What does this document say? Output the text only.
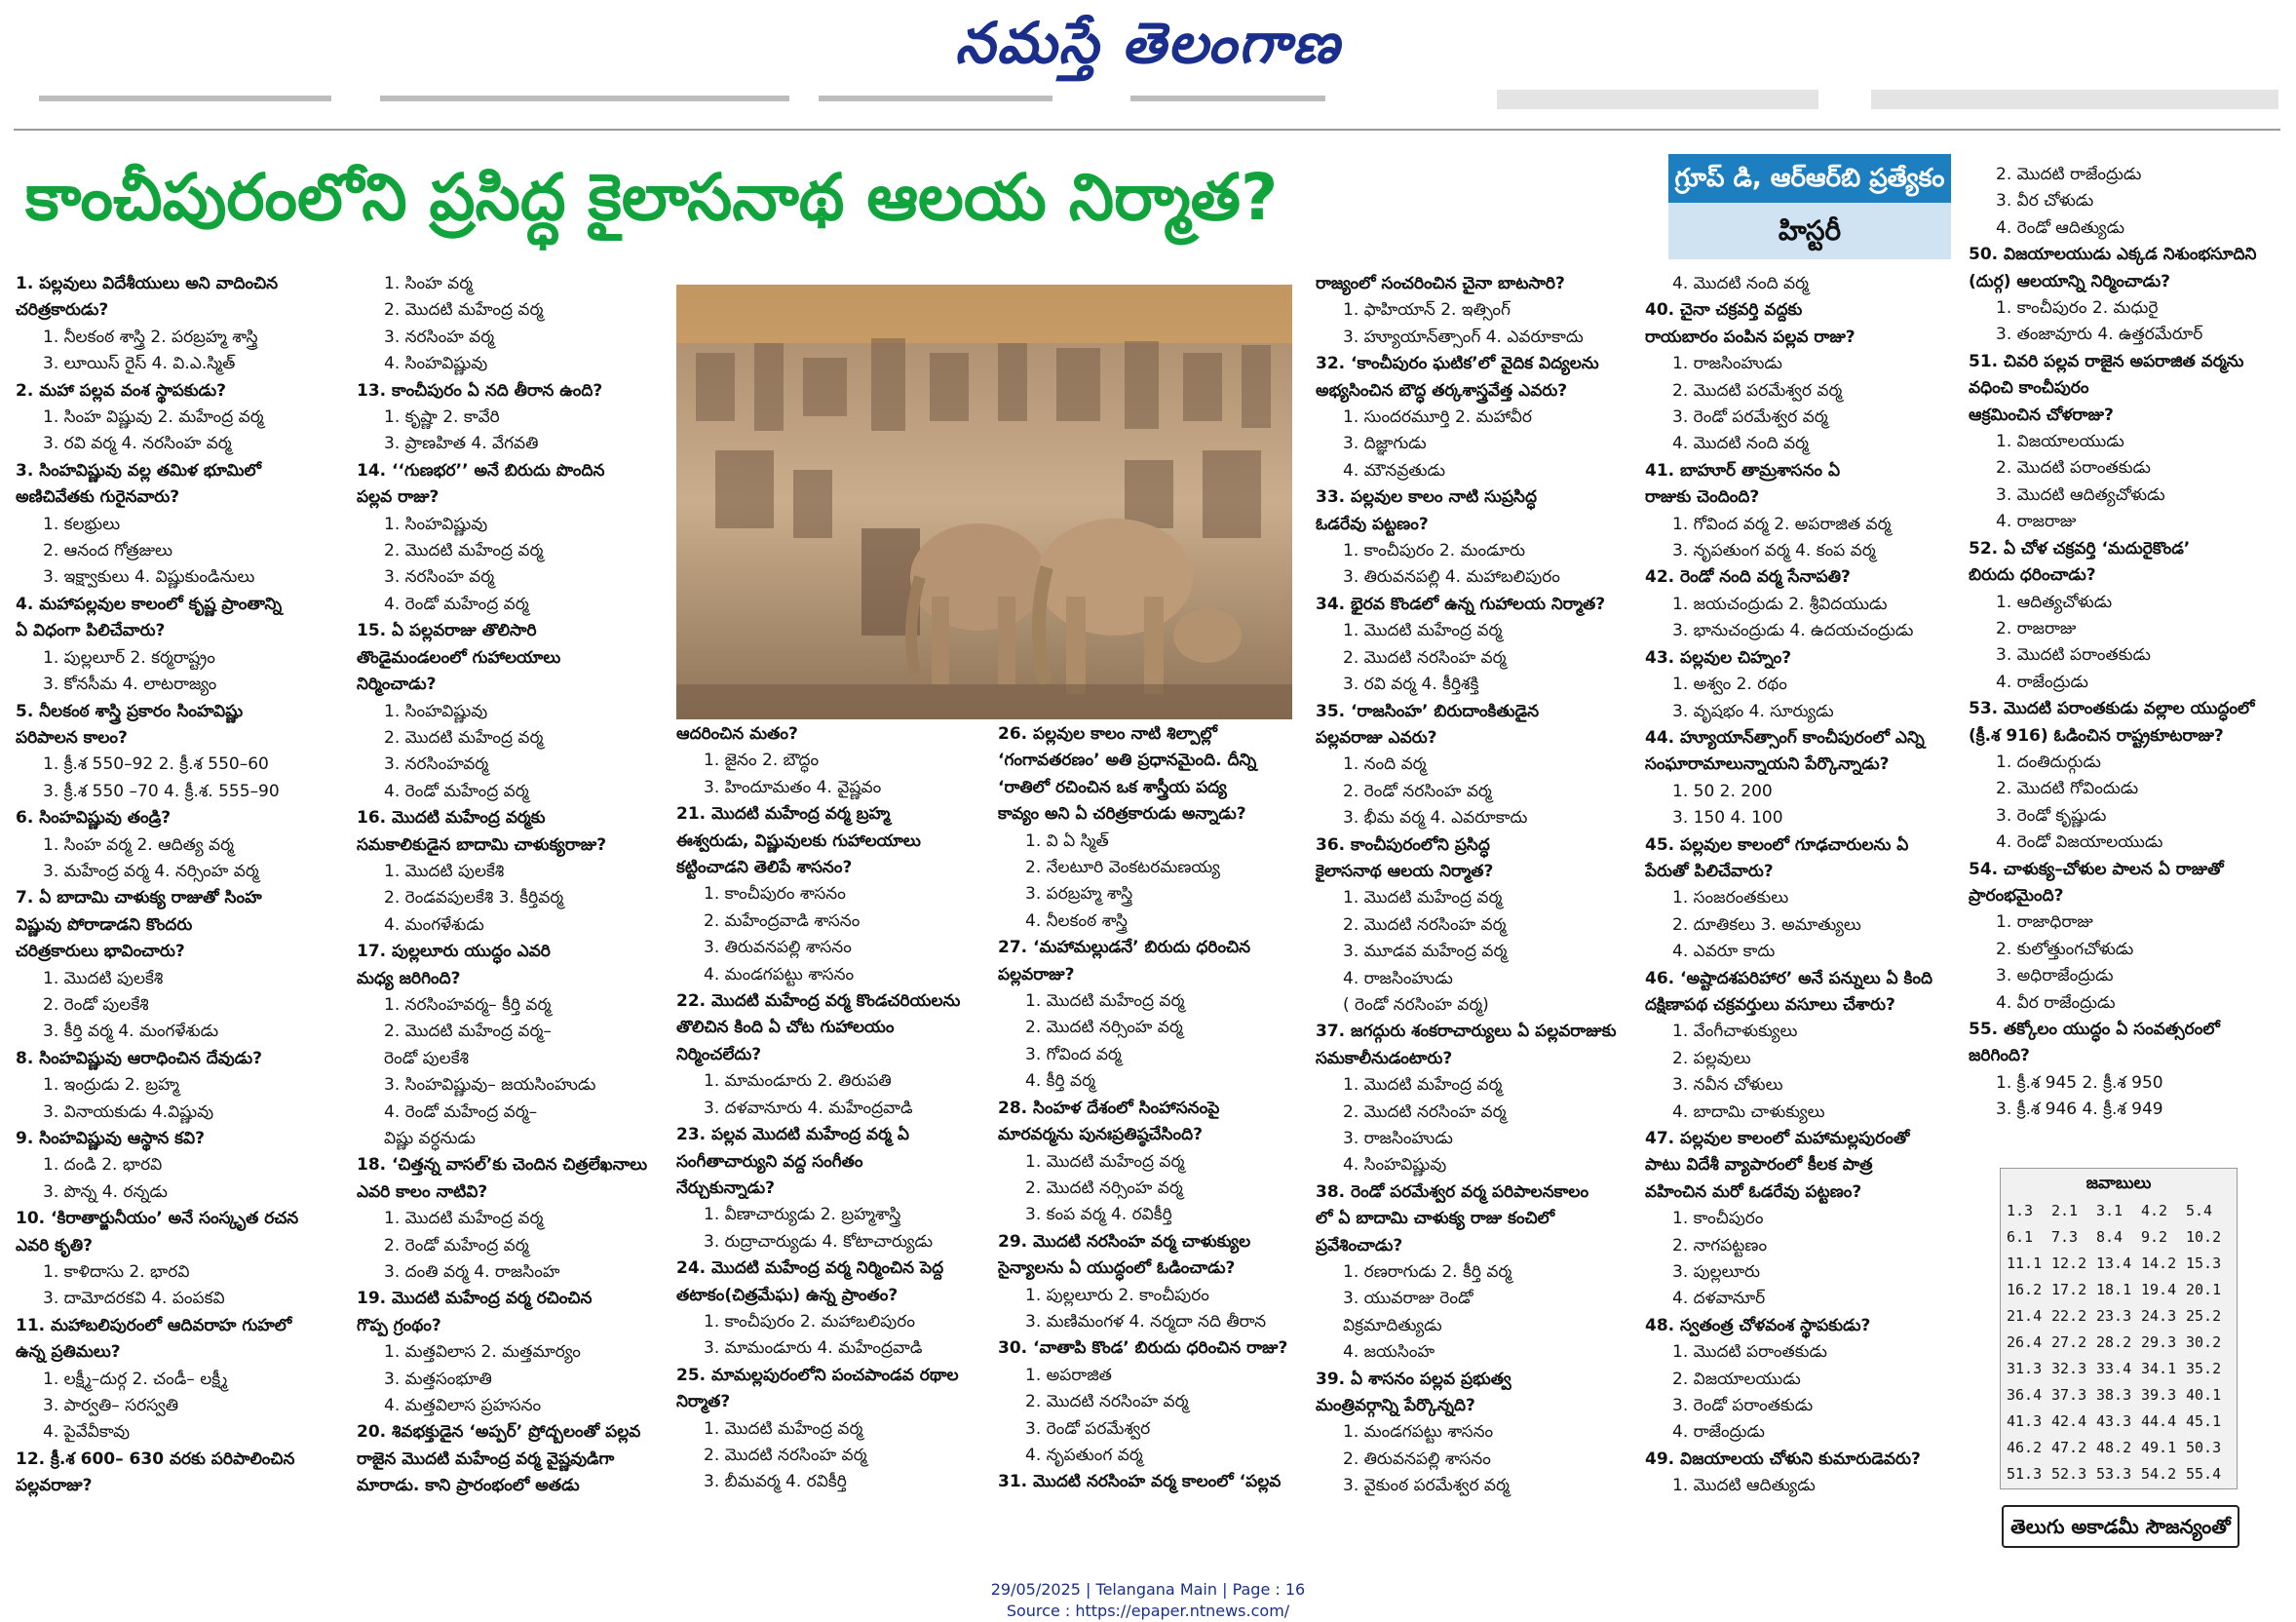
నమస్తే తెలంగాణ
కాంచీపురంలోని ప్రసిద్ధ కైలాసనాథ ఆలయ నిర్మాత?	గ్రూప్‌ డి, ఆర్‌ఆర్‌బి ప్రత్యేకం
హిస్టరీ
1. పల్లవులు విదేశీయులు అని వాదించిన
చరిత్రకారుడు?
1. నీలకంఠ శాస్త్రి 2. పరబ్రహ్మ శాస్త్రి
3. లూయిస్‌ రైస్‌ 4. వి.ఎ.స్మిత్‌
2. మహా పల్లవ వంశ స్థాపకుడు?
1. సింహ విష్ణువు 2. మహేంద్ర వర్మ
3. రవి వర్మ 4. నరసింహ వర్మ
3. సింహవిష్ణువు వల్ల తమిళ భూమిలో
అణిచివేతకు గురైనవారు?
1. కలభ్రులు
2. ఆనంద గోత్రజులు
3. ఇక్ష్వాకులు 4. విష్ణుకుండినులు
4. మహాపల్లవుల కాలంలో కృష్ణ ప్రాంతాన్ని
ఏ విధంగా పిలిచేవారు?
1. పుల్లలూర్‌ 2. కర్మరాష్ట్రం
3. కోనసీమ 4. లాటరాజ్యం
5. నీలకంఠ శాస్త్రి ప్రకారం సింహవిష్ణు
పరిపాలన కాలం?
1. క్రీ.శ 550–92 2. క్రీ.శ 550–60
3. క్రీ.శ 550 –70 4. క్రీ.శ. 555–90
6. సింహవిష్ణువు తండ్రి?
1. సింహ వర్మ 2. ఆదిత్య వర్మ
3. మహేంద్ర వర్మ 4. నర్సింహ వర్మ
7. ఏ బాదామి చాళుక్య రాజుతో సింహ
విష్ణువు పోరాడాడని కొందరు
చరిత్రకారులు భావించారు?
1. మొదటి పులకేశి
2. రెండో పులకేశి
3. కీర్తి వర్మ 4. మంగళేశుడు
8. సింహవిష్ణువు ఆరాధించిన దేవుడు?
1. ఇంద్రుడు 2. బ్రహ్మ
3. వినాయకుడు 4.విష్ణువు
9. సింహవిష్ణువు ఆస్థాన కవి?
1. దండి 2. భారవి
3. పొన్న 4. రన్నడు
10. ‘కిరాతార్జునీయం’ అనే సంస్కృత రచన
ఎవరి కృతి?
1. కాళిదాసు 2. భారవి
3. దామోదరకవి 4. పంపకవి
11. మహాబలిపురంలో ఆదివరాహ గుహలో
ఉన్న ప్రతిమలు?
1. లక్ష్మీ–దుర్గ 2. చండీ– లక్ష్మీ
3. పార్వతి– సరస్వతి
4. పైవేవీకావు
12. క్రీ.శ 600– 630 వరకు పరిపాలించిన
పల్లవరాజు?
1. సింహ వర్మ
2. మొదటి మహేంద్ర వర్మ
3. నరసింహ వర్మ
4. సింహవిష్ణువు
13. కాంచీపురం ఏ నది తీరాన ఉంది?
1. కృష్ణా 2. కావేరి
3. ప్రాణహిత 4. వేగవతి
14. ‘‘గుణభర’’ అనే బిరుదు పొందిన
పల్లవ రాజు?
1. సింహవిష్ణువు
2. మొదటి మహేంద్ర వర్మ
3. నరసింహ వర్మ
4. రెండో మహేంద్ర వర్మ
15. ఏ పల్లవరాజు తొలిసారి
తొండైమండలంలో గుహాలయాలు
నిర్మించాడు?
1. సింహవిష్ణువు
2. మొదటి మహేంద్ర వర్మ
3. నరసింహవర్మ
4. రెండో మహేంద్ర వర్మ
16. మొదటి మహేంద్ర వర్మకు
సమకాలికుడైన బాదామి చాళుక్యరాజు?
1. మొదటి పులకేశి
2. రెండవపులకేశి 3. కీర్తివర్మ
4. మంగళేశుడు
17. పుల్లలూరు యుద్ధం ఎవరి
మధ్య జరిగింది?
1. నరసింహవర్మ– కీర్తి వర్మ
2. మొదటి మహేంద్ర వర్మ–
రెండో పులకేశి
3. సింహవిష్ణువు– జయసింహుడు
4. రెండో మహేంద్ర వర్మ–
విష్ణు వర్ధనుడు
18. ‘చిత్తన్న వాసల్‌’కు చెందిన చిత్రలేఖనాలు
ఎవరి కాలం నాటివి?
1. మొదటి మహేంద్ర వర్మ
2. రెండో మహేంద్ర వర్మ
3. దంతి వర్మ 4. రాజసింహ
19. మొదటి మహేంద్ర వర్మ రచించిన
గొప్ప గ్రంథం?
1. మత్తవిలాస 2. మత్తమార్యం
3. మత్తసంభూతి
4. మత్తవిలాస ప్రహసనం
20. శివభక్తుడైన ‘అప్పర్‌’ ప్రోద్బలంతో పల్లవ
రాజైన మొదటి మహేంద్ర వర్మ వైష్ణవుడిగా
మారాడు. కాని ప్రారంభంలో అతడు
ఆదరించిన మతం?
1. జైనం 2. బౌద్ధం
3. హిందూమతం 4. వైష్ణవం
21. మొదటి మహేంద్ర వర్మ బ్రహ్మ
ఈశ్వరుడు, విష్ణువులకు గుహాలయాలు
కట్టించాడని తెలిపే శాసనం?
1. కాంచీపురం శాసనం
2. మహేంద్రవాడి శాసనం
3. తిరువనపల్లి శాసనం
4. మండగపట్టు శాసనం
22. మొదటి మహేంద్ర వర్మ కొండచరియలను
తొలిచిన కింది ఏ చోట గుహాలయం
నిర్మించలేదు?
1. మామండూరు 2. తిరుపతి
3. దళవానూరు 4. మహేంద్రవాడి
23. పల్లవ మొదటి మహేంద్ర వర్మ ఏ
సంగీతాచార్యుని వద్ద సంగీతం
నేర్చుకున్నాడు?
1. వీణాచార్యుడు 2. బ్రహ్మశాస్త్రి
3. రుద్రాచార్యుడు 4. కోటాచార్యుడు
24. మొదటి మహేంద్ర వర్మ నిర్మించిన పెద్ద
తటాకం(చిత్రమేఘ) ఉన్న ప్రాంతం?
1. కాంచీపురం 2. మహాబలిపురం
3. మామండూరు 4. మహేంద్రవాడి
25. మామల్లపురంలోని పంచపాండవ రథాల
నిర్మాత?
1. మొదటి మహేంద్ర వర్మ
2. మొదటి నరసింహ వర్మ
3. బీమవర్మ 4. రవికీర్తి
26. పల్లవుల కాలం నాటి శిల్పాల్లో
‘గంగావతరణం’ అతి ప్రధానమైంది. దీన్ని
‘రాతిలో రచించిన ఒక శాస్త్రీయ పద్య
కావ్యం అని ఏ చరిత్రకారుడు అన్నాడు?
1. వి ఏ స్మిత్‌
2. నేలటూరి వెంకటరమణయ్య
3. పరబ్రహ్మ శాస్త్రి
4. నీలకంఠ శాస్త్రి
27. ‘మహామల్లుడనే’ బిరుదు ధరించిన
పల్లవరాజు?
1. మొదటి మహేంద్ర వర్మ
2. మొదటి నర్సింహ వర్మ
3. గోవింద వర్మ
4. కీర్తి వర్మ
28. సింహళ దేశంలో సింహాసనంపై
మారవర్మను పునఃప్రతిష్ఠచేసింది?
1. మొదటి మహేంద్ర వర్మ
2. మొదటి నర్సింహ వర్మ
3. కంప వర్మ 4. రవికీర్తి
29. మొదటి నరసింహ వర్మ చాళుక్యుల
సైన్యాలను ఏ యుద్ధంలో ఓడించాడు?
1. పుల్లలూరు 2. కాంచీపురం
3. మణిమంగళ 4. నర్మదా నది తీరాన
30. ‘వాతాపి కొండ’ బిరుదు ధరించిన రాజు?
1. అపరాజిత
2. మొదటి నరసింహ వర్మ
3. రెండో పరమేశ్వర
4. నృపతుంగ వర్మ
31. మొదటి నరసింహ వర్మ కాలంలో ‘పల్లవ
రాజ్యంలో సంచరించిన చైనా బాటసారి?
1. ఫాహియాన్‌ 2. ఇత్సింగ్‌
3. హ్యూయాన్‌త్సాంగ్‌ 4. ఎవరూకాదు
32. ‘కాంచీపురం ఘటిక’లో వైదిక విద్యలను
అభ్యసించిన బౌద్ధ తర్కశాస్త్రవేత్త ఎవరు?
1. సుందరమూర్తి 2. మహావీర
3. దిజ్ఞాగుడు
4. మౌనవ్రతుడు
33. పల్లవుల కాలం నాటి సుప్రసిద్ధ
ఓడరేవు పట్టణం?
1. కాంచీపురం 2. మండూరు
3. తిరువనపల్లి 4. మహాబలిపురం
34. భైరవ కొండలో ఉన్న గుహాలయ నిర్మాత?
1. మొదటి మహేంద్ర వర్మ
2. మొదటి నరసింహ వర్మ
3. రవి వర్మ 4. కీర్తిశక్తి
35. ‘రాజసింహ’ బిరుదాంకితుడైన
పల్లవరాజు ఎవరు?
1. నంది వర్మ
2. రెండో నరసింహ వర్మ
3. భీమ వర్మ 4. ఎవరూకాదు
36. కాంచీపురంలోని ప్రసిద్ధ
కైలాసనాథ ఆలయ నిర్మాత?
1. మొదటి మహేంద్ర వర్మ
2. మొదటి నరసింహ వర్మ
3. మూడవ మహేంద్ర వర్మ
4. రాజసింహుడు
( రెండో నరసింహ వర్మ)
37. జగద్గురు శంకరాచార్యులు ఏ పల్లవరాజుకు
సమకాలీనుడంటారు?
1. మొదటి మహేంద్ర వర్మ
2. మొదటి నరసింహ వర్మ
3. రాజసింహుడు
4. సింహవిష్ణువు
38. రెండో పరమేశ్వర వర్మ పరిపాలనకాలం
లో ఏ బాదామి చాళుక్య రాజు కంచిలో
ప్రవేశించాడు?
1. రణరాగుడు 2. కీర్తి వర్మ
3. యువరాజు రెండో
విక్రమాదిత్యుడు
4. జయసింహ
39. ఏ శాసనం పల్లవ ప్రభుత్వ
మంత్రివర్గాన్ని పేర్కొన్నది?
1. మండగపట్టు శాసనం
2. తిరువనపల్లి శాసనం
3. వైకుంఠ పరమేశ్వర వర్మ
4. మొదటి నంది వర్మ
40. చైనా చక్రవర్తి వద్దకు
రాయబారం పంపిన పల్లవ రాజు?
1. రాజసింహుడు
2. మొదటి పరమేశ్వర వర్మ
3. రెండో పరమేశ్వర వర్మ
4. మొదటి నంది వర్మ
41. బాహూర్‌ తామ్రశాసనం ఏ
రాజుకు చెందింది?
1. గోవింద వర్మ 2. అపరాజిత వర్మ
3. నృపతుంగ వర్మ 4. కంప వర్మ
42. రెండో నంది వర్మ సేనాపతి?
1. జయచంద్రుడు 2. శ్రీవిదయుడు
3. భానుచంద్రుడు 4. ఉదయచంద్రుడు
43. పల్లవుల చిహ్నం?
1. అశ్వం 2. రథం
3. వృషభం 4. సూర్యుడు
44. హ్యూయాన్‌త్సాంగ్‌ కాంచీపురంలో ఎన్ని
సంఘారామాలున్నాయని పేర్కొన్నాడు?
1. 50 2. 200
3. 150 4. 100
45. పల్లవుల కాలంలో గూఢచారులను ఏ
పేరుతో పిలిచేవారు?
1. సంజరంతకులు
2. దూతికలు 3. అమాత్యులు
4. ఎవరూ కాదు
46. ‘అష్టాదశపరిహార’ అనే పన్నులు ఏ కింది
దక్షిణాపథ చక్రవర్తులు వసూలు చేశారు?
1. వేంగీచాళుక్యులు
2. పల్లవులు
3. నవీన చోళులు
4. బాదామి చాళుక్యులు
47. పల్లవుల కాలంలో మహామల్లపురంతో
పాటు విదేశీ వ్యాపారంలో కీలక పాత్ర
వహించిన మరో ఓడరేవు పట్టణం?
1. కాంచీపురం
2. నాగపట్టణం
3. పుల్లలూరు
4. దళవానూర్‌
48. స్వతంత్ర చోళవంశ స్థాపకుడు?
1. మొదటి పరాంతకుడు
2. విజయాలయుడు
3. రెండో పరాంతకుడు
4. రాజేంద్రుడు
49. విజయాలయ చోళుని కుమారుడెవరు?
1. మొదటి ఆదిత్యుడు
2. మొదటి రాజేంద్రుడు
3. వీర చోళుడు
4. రెండో ఆదిత్యుడు
50. విజయాలయుడు ఎక్కడ నిశుంభసూదిని
(దుర్గ) ఆలయాన్ని నిర్మించాడు?
1. కాంచీపురం 2. మధురై
3. తంజావూరు 4. ఉత్తరమేరూర్‌
51. చివరి పల్లవ రాజైన అపరాజిత వర్మను
వధించి కాంచీపురం
ఆక్రమించిన చోళరాజు?
1. విజయాలయుడు
2. మొదటి పరాంతకుడు
3. మొదటి ఆదిత్యచోళుడు
4. రాజరాజు
52. ఏ చోళ చక్రవర్తి ‘మదురైకొండ’
బిరుదు ధరించాడు?
1. ఆదిత్యచోళుడు
2. రాజరాజు
3. మొదటి పరాంతకుడు
4. రాజేంద్రుడు
53. మొదటి పరాంతకుడు వల్లాల యుద్ధంలో
(క్రీ.శ 916) ఓడించిన రాష్ట్రకూటరాజు?
1. దంతిదుర్గుడు
2. మొదటి గోవిందుడు
3. రెండో కృష్ణుడు
4. రెండో విజయాలయుడు
54. చాళుక్య–చోళుల పాలన ఏ రాజుతో
ప్రారంభమైంది?
1. రాజాధిరాజు
2. కులోత్తుంగచోళుడు
3. అధిరాజేంద్రుడు
4. వీర రాజేంద్రుడు
55. తక్కోలం యుద్ధం ఏ సంవత్సరంలో
జరిగింది?
1. క్రీ.శ 945 2. క్రీ.శ 950
3. క్రీ.శ 946 4. క్రీ.శ 949
జవాబులు
1.3	2.1	3.1	4.2	5.4
6.1	7.3	8.4	9.2	10.2
11.1 12.2 13.4 14.2 15.3
16.2 17.2 18.1 19.4 20.1
21.4 22.2 23.3 24.3 25.2
26.4 27.2 28.2 29.3 30.2
31.3 32.3 33.4 34.1 35.2
36.4 37.3 38.3 39.3 40.1
41.3 42.4 43.3 44.4 45.1
46.2 47.2 48.2 49.1 50.3
51.3 52.3 53.3 54.2 55.4
తెలుగు అకాడమీ సౌజన్యంతో
29/05/2025 | Telangana Main | Page : 16
Source : https://epaper.ntnews.com/
